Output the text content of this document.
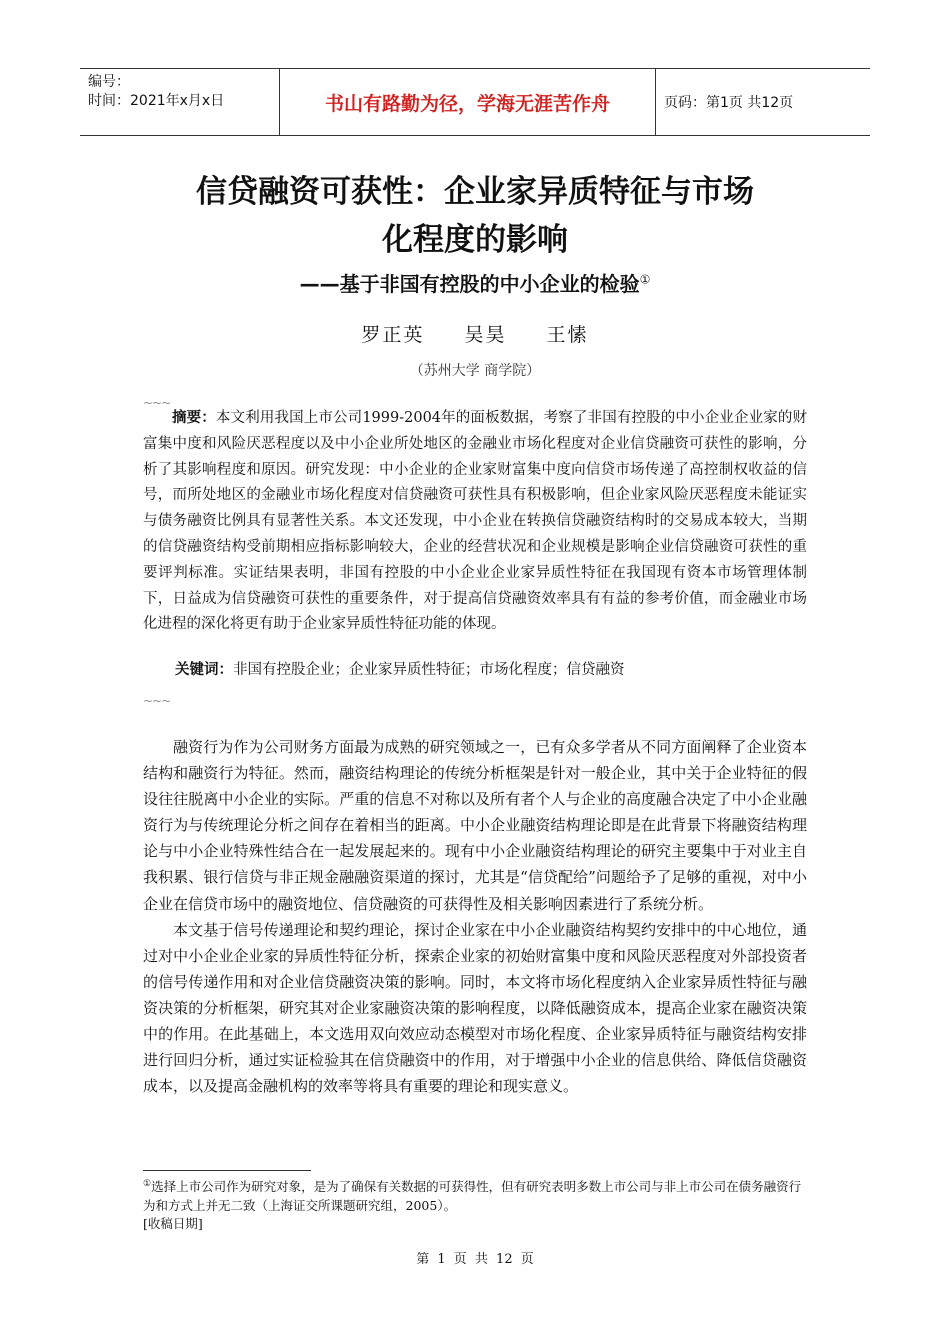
编号：
时间：2021年x月x日	书山有路勤为径，学海无涯苦作舟	页码：第1页 共12页
信贷融资可获性：企业家异质特征与市场
化程度的影响
——基于非国有控股的中小企业的检验①
罗正英 吴昊 王愫
（苏州大学 商学院）
~~~

摘要：本文利用我国上市公司1999-2004年的面板数据，考察了非国有控股的中小企业企业家的财富集中度和风险厌恶程度以及中小企业所处地区的金融业市场化程度对企业信贷融资可获性的影响，分析了其影响程度和原因。研究发现：中小企业的企业家财富集中度向信贷市场传递了高控制权收益的信号，而所处地区的金融业市场化程度对信贷融资可获性具有积极影响，但企业家风险厌恶程度未能证实与债务融资比例具有显著性关系。本文还发现，中小企业在转换信贷融资结构时的交易成本较大，当期的信贷融资结构受前期相应指标影响较大，企业的经营状况和企业规模是影响企业信贷融资可获性的重要评判标准。实证结果表明，非国有控股的中小企业企业家异质性特征在我国现有资本市场管理体制下，日益成为信贷融资可获性的重要条件，对于提高信贷融资效率具有有益的参考价值，而金融业市场化进程的深化将更有助于企业家异质性特征功能的体现。

关键词：非国有控股企业；企业家异质性特征；市场化程度；信贷融资
~~~

融资行为作为公司财务方面最为成熟的研究领域之一，已有众多学者从不同方面阐释了企业资本结构和融资行为特征。然而，融资结构理论的传统分析框架是针对一般企业，其中关于企业特征的假设往往脱离中小企业的实际。严重的信息不对称以及所有者个人与企业的高度融合决定了中小企业融资行为与传统理论分析之间存在着相当的距离。中小企业融资结构理论即是在此背景下将融资结构理论与中小企业特殊性结合在一起发展起来的。现有中小企业融资结构理论的研究主要集中于对业主自我积累、银行信贷与非正规金融融资渠道的探讨，尤其是“信贷配给”问题给予了足够的重视，对中小企业在信贷市场中的融资地位、信贷融资的可获得性及相关影响因素进行了系统分析。

本文基于信号传递理论和契约理论，探讨企业家在中小企业融资结构契约安排中的中心地位，通过对中小企业企业家的异质性特征分析，探索企业家的初始财富集中度和风险厌恶程度对外部投资者的信号传递作用和对企业信贷融资决策的影响。同时，本文将市场化程度纳入企业家异质性特征与融资决策的分析框架，研究其对企业家融资决策的影响程度，以降低融资成本，提高企业家在融资决策中的作用。在此基础上，本文选用双向效应动态模型对市场化程度、企业家异质特征与融资结构安排进行回归分析，通过实证检验其在信贷融资中的作用，对于增强中小企业的信息供给、降低信贷融资成本，以及提高金融机构的效率等将具有重要的理论和现实意义。

①选择上市公司作为研究对象，是为了确保有关数据的可获得性，但有研究表明多数上市公司与非上市公司在债务融资行为和方式上并无二致（上海证交所课题研究组，2005）。
[收稿日期]
第 1 页 共 12 页
